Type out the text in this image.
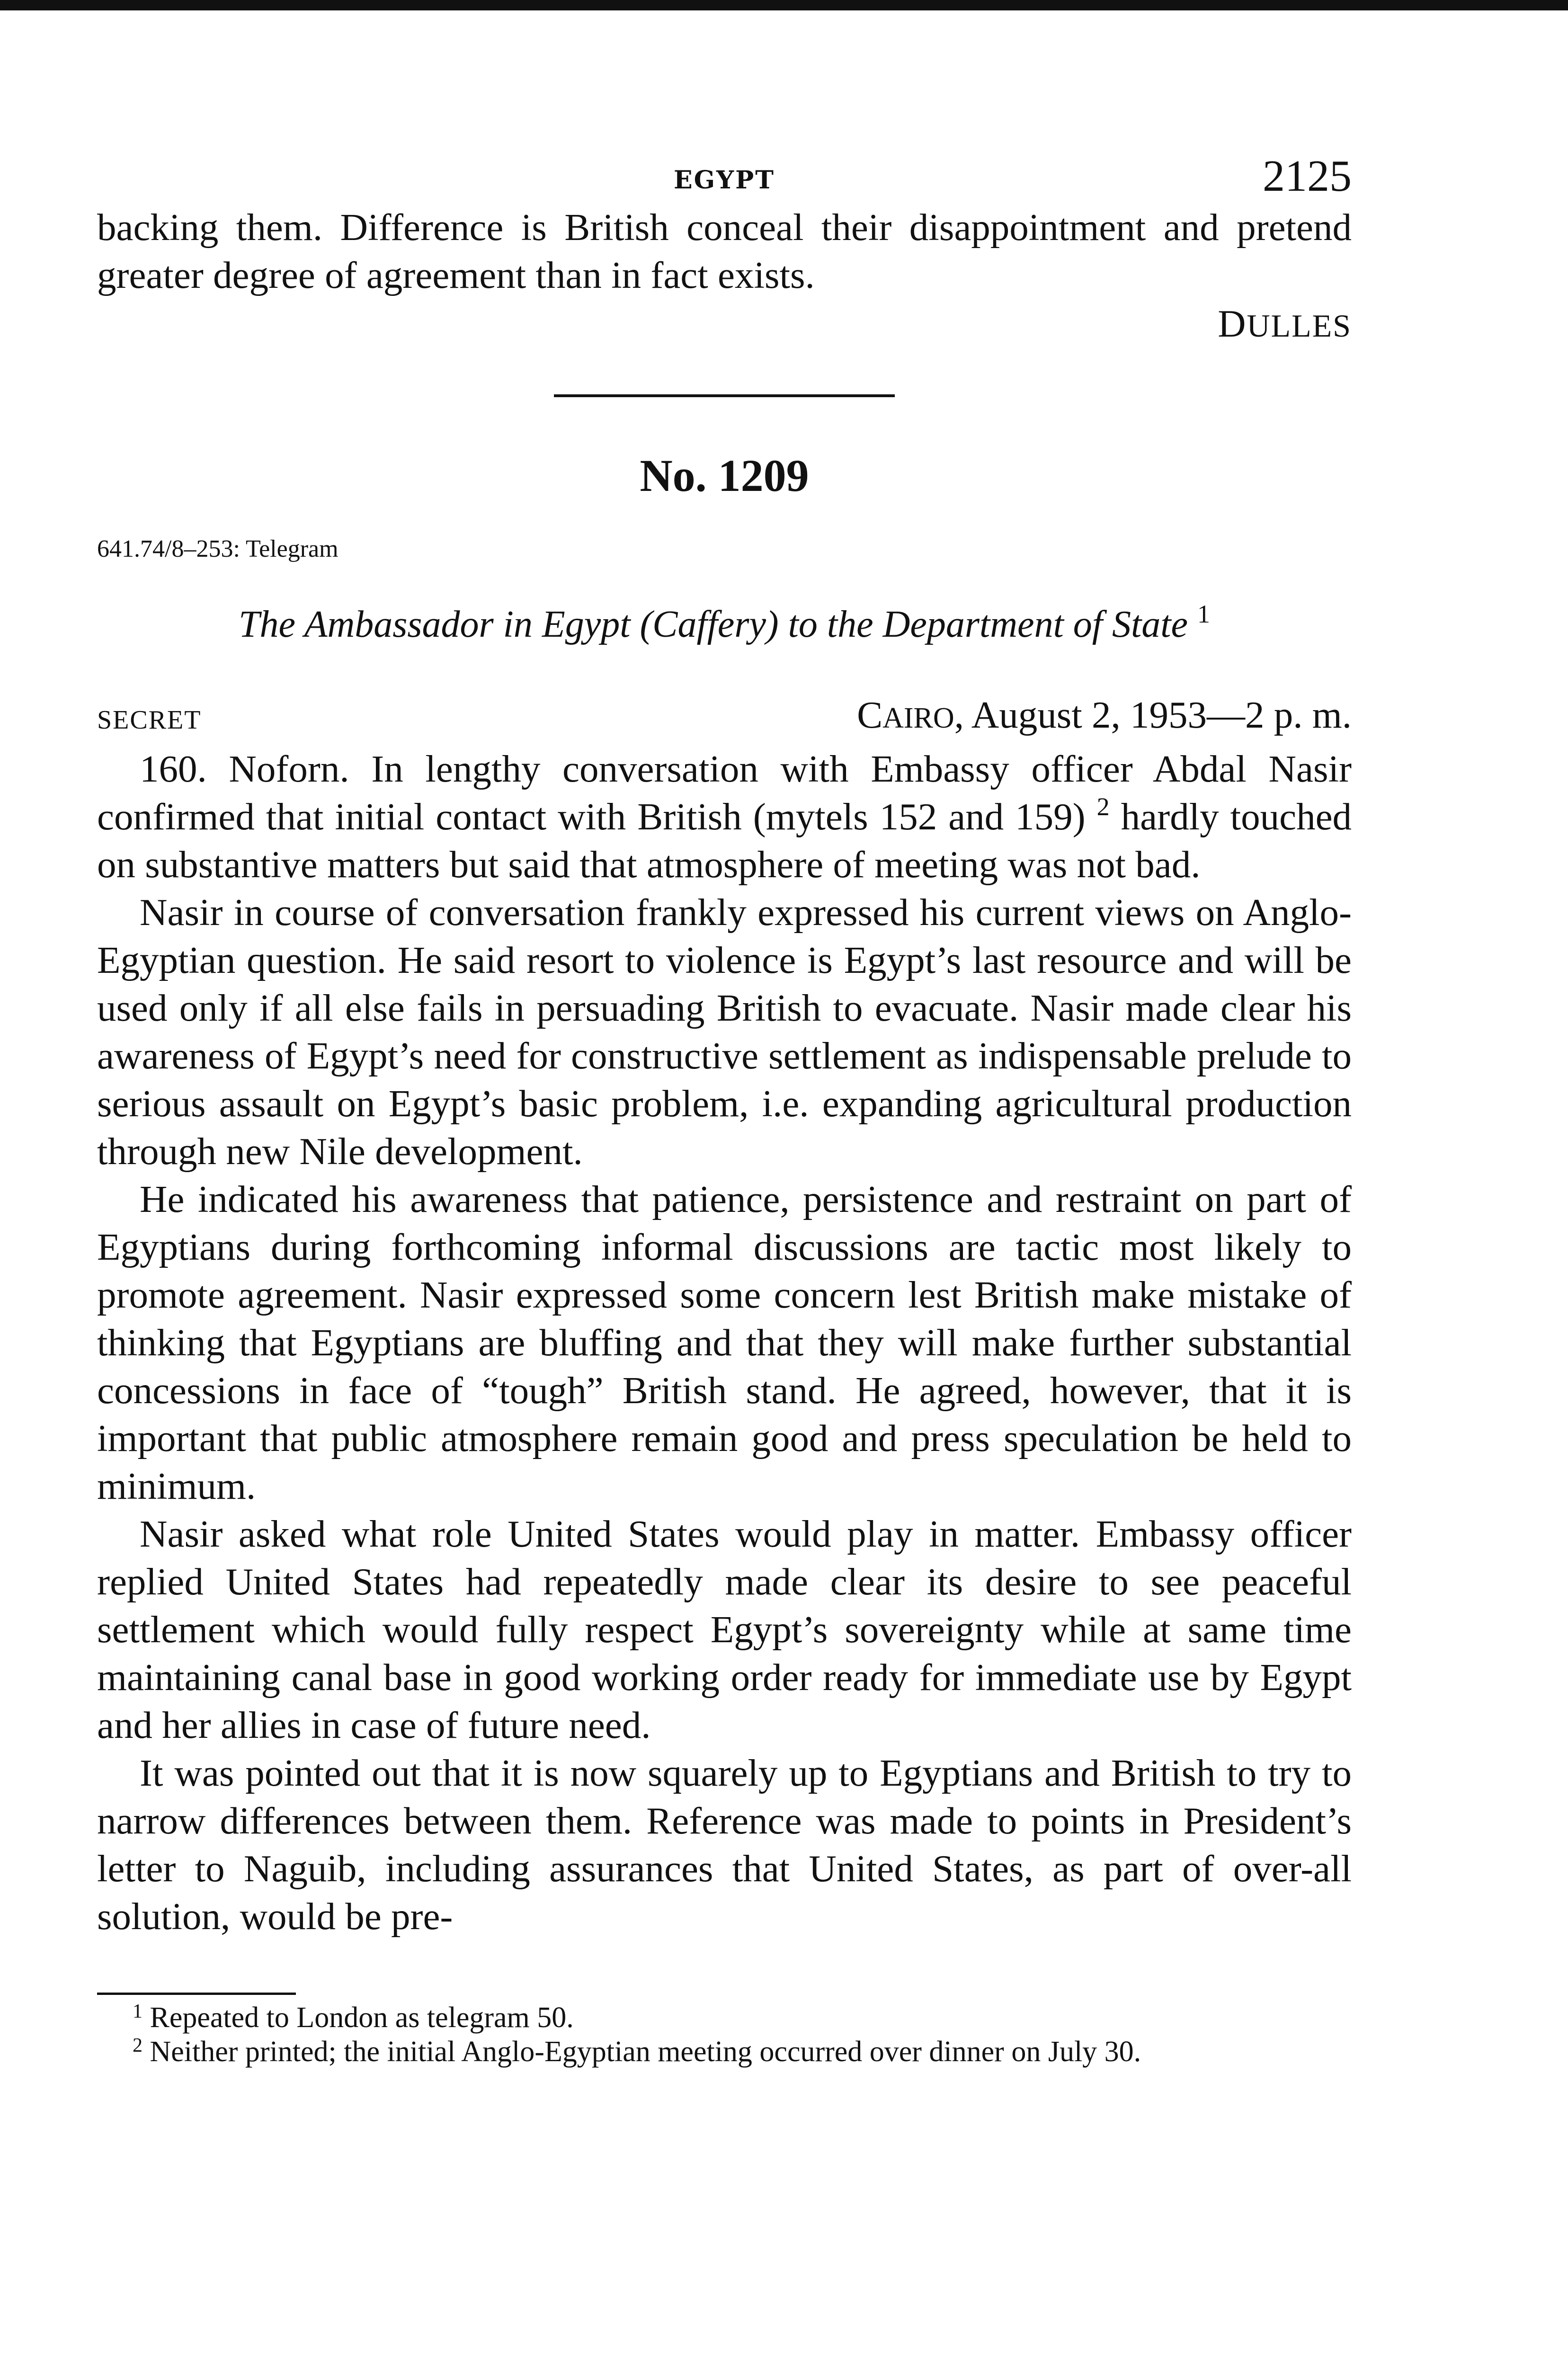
EGYPT	2125

backing them. Difference is British conceal their disappointment and pretend greater degree of agreement than in fact exists.

DULLES
No. 1209
641.74/8–253: Telegram
The Ambassador in Egypt (Caffery) to the Department of State $^1$
SECRET	CAIRO, August 2, 1953—2 p. m.

160. Noforn. In lengthy conversation with Embassy officer Abdal Nasir confirmed that initial contact with British (mytels 152 and 159) $^2$ hardly touched on substantive matters but said that atmosphere of meeting was not bad.

Nasir in course of conversation frankly expressed his current views on Anglo-Egyptian question. He said resort to violence is Egypt’s last resource and will be used only if all else fails in persuading British to evacuate. Nasir made clear his awareness of Egypt’s need for constructive settlement as indispensable prelude to serious assault on Egypt’s basic problem, i.e. expanding agricultural production through new Nile development.

He indicated his awareness that patience, persistence and restraint on part of Egyptians during forthcoming informal discussions are tactic most likely to promote agreement. Nasir expressed some concern lest British make mistake of thinking that Egyptians are bluffing and that they will make further substantial concessions in face of “tough” British stand. He agreed, however, that it is important that public atmosphere remain good and press speculation be held to minimum.

Nasir asked what role United States would play in matter. Embassy officer replied United States had repeatedly made clear its desire to see peaceful settlement which would fully respect Egypt’s sovereignty while at same time maintaining canal base in good working order ready for immediate use by Egypt and her allies in case of future need.

It was pointed out that it is now squarely up to Egyptians and British to try to narrow differences between them. Reference was made to points in President’s letter to Naguib, including assurances that United States, as part of over-all solution, would be pre-

$^1$ Repeated to London as telegram 50.
$^2$ Neither printed; the initial Anglo-Egyptian meeting occurred over dinner on July 30.
